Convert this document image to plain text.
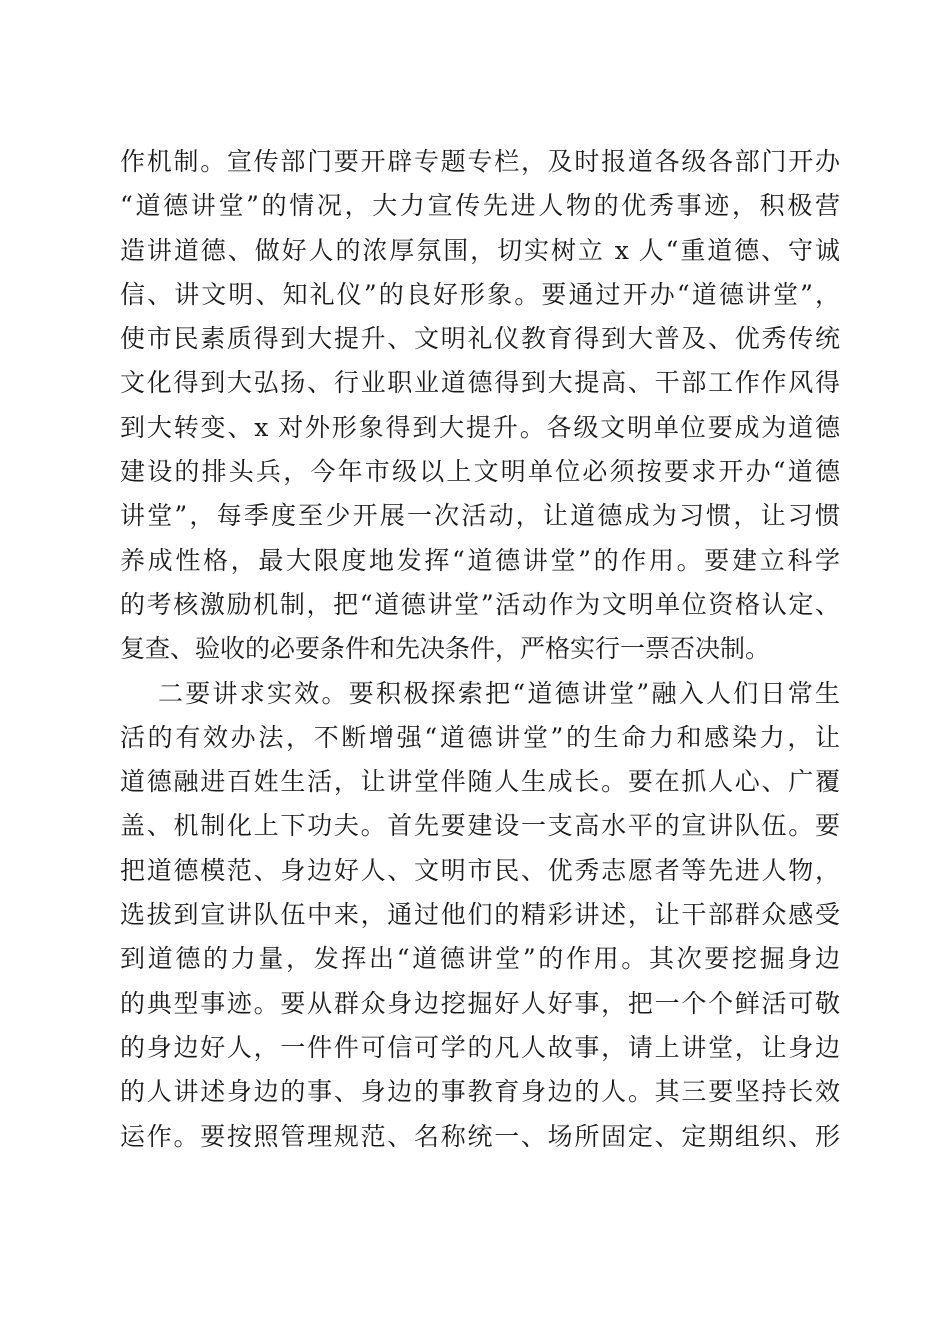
作机制。宣传部门要开辟专题专栏，及时报道各级各部门开办
“道德讲堂”的情况，大力宣传先进人物的优秀事迹，积极营
造讲道德、做好人的浓厚氛围，切实树立 x 人“重道德、守诚
信、讲文明、知礼仪”的良好形象。要通过开办“道德讲堂”，
使市民素质得到大提升、文明礼仪教育得到大普及、优秀传统
文化得到大弘扬、行业职业道德得到大提高、干部工作作风得
到大转变、x 对外形象得到大提升。各级文明单位要成为道德
建设的排头兵，今年市级以上文明单位必须按要求开办“道德
讲堂”，每季度至少开展一次活动，让道德成为习惯，让习惯
养成性格，最大限度地发挥“道德讲堂”的作用。要建立科学
的考核激励机制，把“道德讲堂”活动作为文明单位资格认定、
复查、验收的必要条件和先决条件，严格实行一票否决制。
二要讲求实效。要积极探索把“道德讲堂”融入人们日常生
活的有效办法，不断增强“道德讲堂”的生命力和感染力，让
道德融进百姓生活，让讲堂伴随人生成长。要在抓人心、广覆
盖、机制化上下功夫。首先要建设一支高水平的宣讲队伍。要
把道德模范、身边好人、文明市民、优秀志愿者等先进人物，
选拔到宣讲队伍中来，通过他们的精彩讲述，让干部群众感受
到道德的力量，发挥出“道德讲堂”的作用。其次要挖掘身边
的典型事迹。要从群众身边挖掘好人好事，把一个个鲜活可敬
的身边好人，一件件可信可学的凡人故事，请上讲堂，让身边
的人讲述身边的事、身边的事教育身边的人。其三要坚持长效
运作。要按照管理规范、名称统一、场所固定、定期组织、形
